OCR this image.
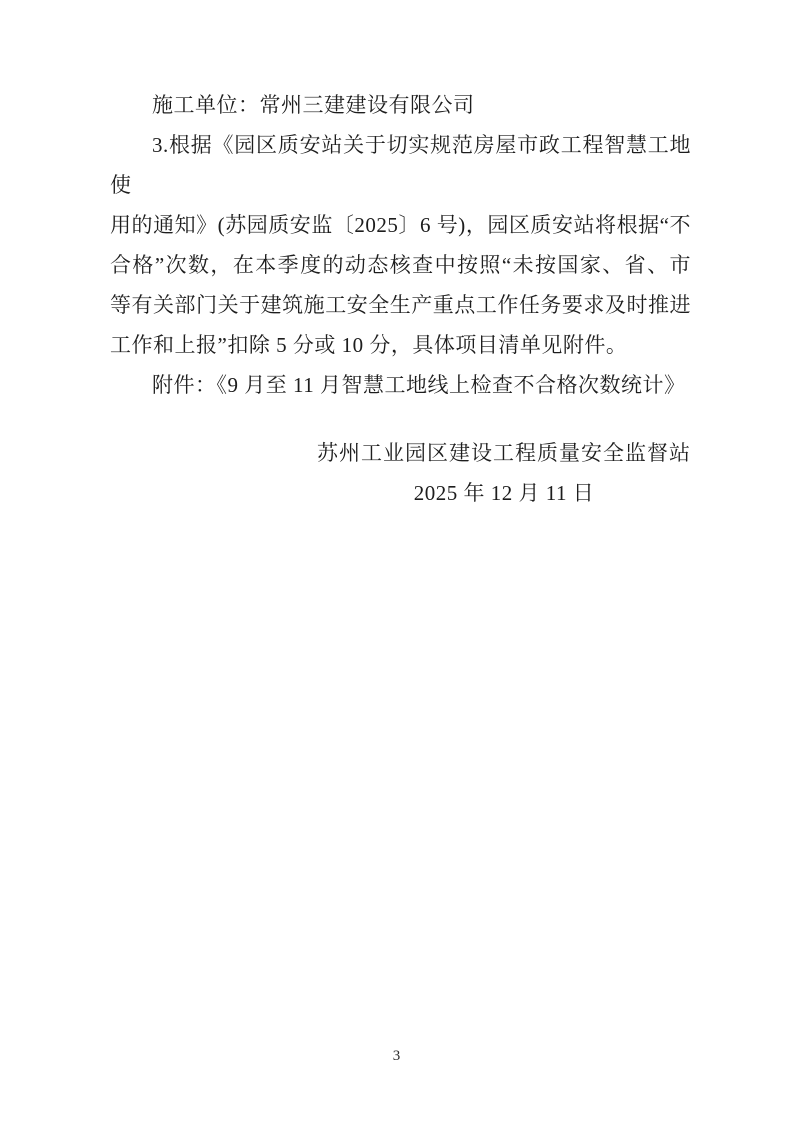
施工单位：常州三建建设有限公司
3.根据《园区质安站关于切实规范房屋市政工程智慧工地使
用的通知》(苏园质安监〔2025〕6 号)，园区质安站将根据“不
合格”次数，在本季度的动态核查中按照“未按国家、省、市
等有关部门关于建筑施工安全生产重点工作任务要求及时推进
工作和上报”扣除 5 分或 10 分，具体项目清单见附件。
附件：《9 月至 11 月智慧工地线上检查不合格次数统计》
苏州工业园区建设工程质量安全监督站
2025 年 12 月 11 日
3
